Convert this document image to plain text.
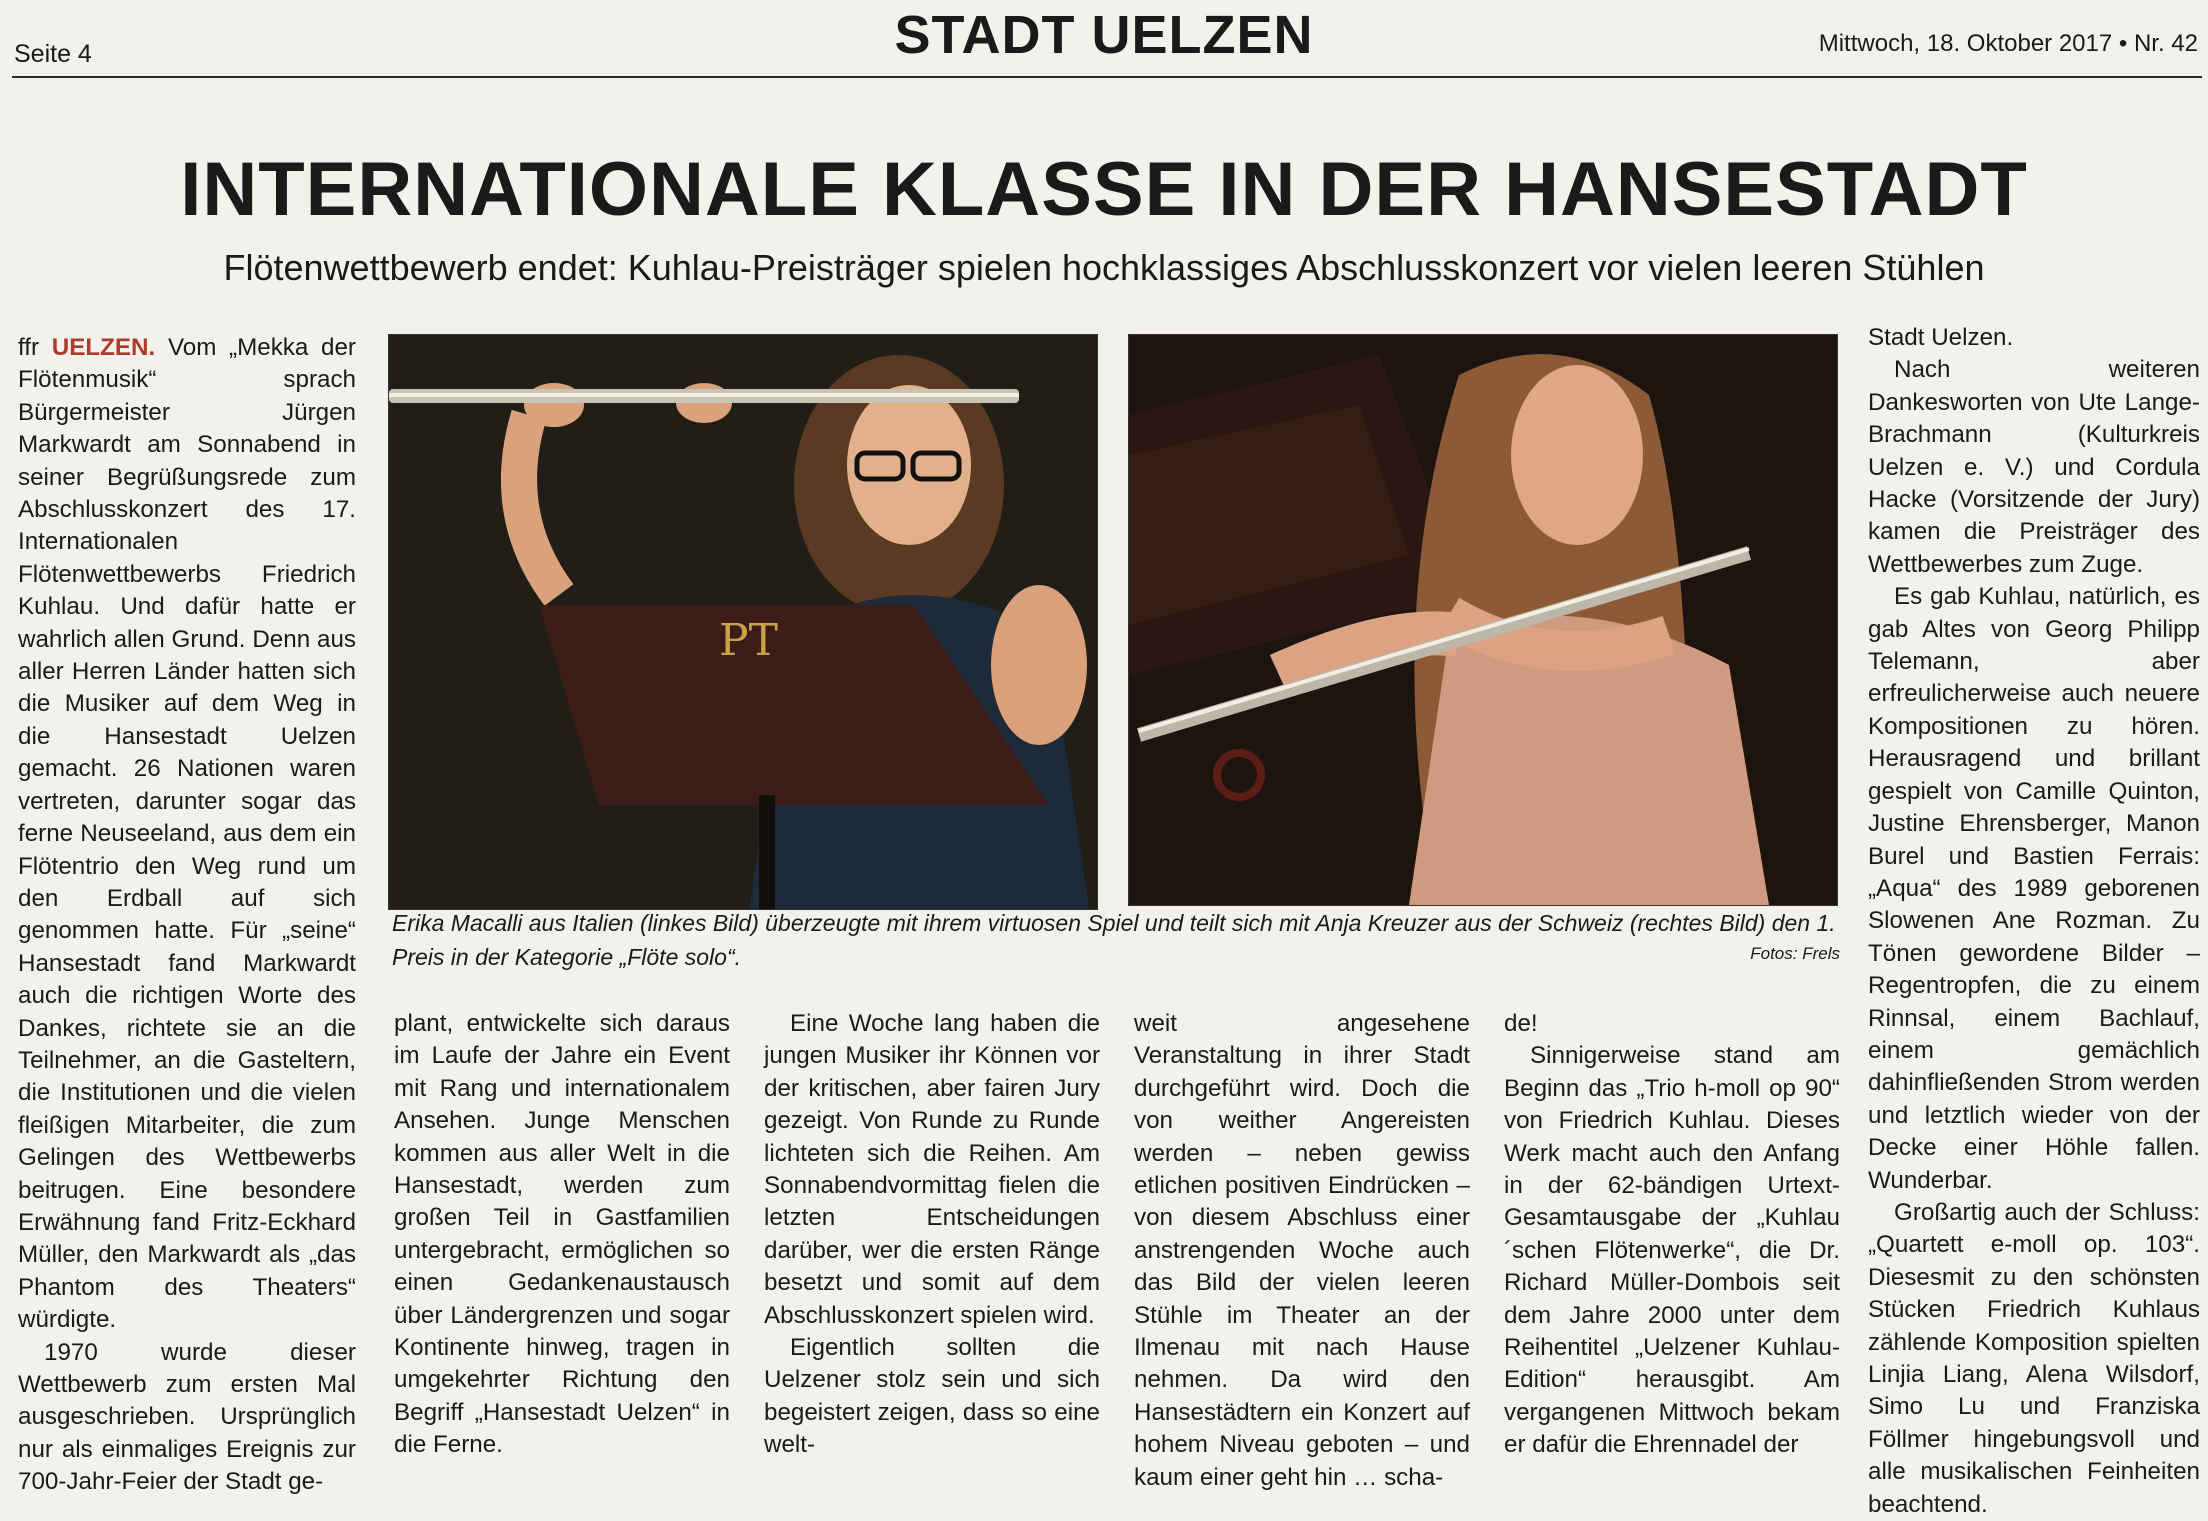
Seite 4	STADT UELZEN	Mittwoch, 18. Oktober 2017 • Nr. 42
INTERNATIONALE KLASSE IN DER HANSESTADT
Flötenwettbewerb endet: Kuhlau-Preisträger spielen hochklassiges Abschlusskonzert vor vielen leeren Stühlen

ffr UELZEN. Vom „Mekka der Flötenmusik“ sprach Bürgermeister Jürgen Markwardt am Sonnabend in seiner Begrüßungsrede zum Abschlusskonzert des 17. Internationalen Flötenwettbewerbs Friedrich Kuhlau. Und dafür hatte er wahrlich allen Grund. Denn aus aller Herren Länder hatten sich die Musiker auf dem Weg in die Hansestadt Uelzen gemacht. 26 Nationen waren vertreten, darunter sogar das ferne Neuseeland, aus dem ein Flötentrio den Weg rund um den Erdball auf sich genommen hatte. Für „seine“ Hansestadt fand Markwardt auch die richtigen Worte des Dankes, richtete sie an die Teilnehmer, an die Gasteltern, die Institutionen und die vielen fleißigen Mitarbeiter, die zum Gelingen des Wettbewerbs beitrugen. Eine besondere Erwähnung fand Fritz-Eckhard Müller, den Markwardt als „das Phantom des Theaters“ würdigte.

1970 wurde dieser Wettbewerb zum ersten Mal ausgeschrieben. Ursprünglich nur als einmaliges Ereignis zur 700-Jahr-Feier der Stadt ge-

PT
Erika Macalli aus Italien (linkes Bild) überzeugte mit ihrem virtuosen Spiel und teilt sich mit Anja Kreuzer aus der Schweiz (rechtes Bild) den 1. Preis in der Kategorie „Flöte solo“.	Fotos: Frels

plant, entwickelte sich daraus im Laufe der Jahre ein Event mit Rang und internationalem Ansehen. Junge Menschen kommen aus aller Welt in die Hansestadt, werden zum großen Teil in Gastfamilien untergebracht, ermöglichen so einen Gedankenaustausch über Ländergrenzen und sogar Kontinente hinweg, tragen in umgekehrter Richtung den Begriff „Hansestadt Uelzen“ in die Ferne.

Eine Woche lang haben die jungen Musiker ihr Können vor der kritischen, aber fairen Jury gezeigt. Von Runde zu Runde lichteten sich die Reihen. Am Sonnabendvormittag fielen die letzten Entscheidungen darüber, wer die ersten Ränge besetzt und somit auf dem Abschlusskonzert spielen wird.

Eigentlich sollten die Uelzener stolz sein und sich begeistert zeigen, dass so eine welt-

weit angesehene Veranstaltung in ihrer Stadt durchgeführt wird. Doch die von weither Angereisten werden – neben gewiss etlichen positiven Eindrücken – von diesem Abschluss einer anstrengenden Woche auch das Bild der vielen leeren Stühle im Theater an der Ilmenau mit nach Hause nehmen. Da wird den Hansestädtern ein Konzert auf hohem Niveau geboten – und kaum einer geht hin … scha-

de!

Sinnigerweise stand am Beginn das „Trio h-moll op 90“ von Friedrich Kuhlau. Dieses Werk macht auch den Anfang in der 62-bändigen Urtext-Gesamtausgabe der „Kuhlau´schen Flötenwerke“, die Dr. Richard Müller-Dombois seit dem Jahre 2000 unter dem Reihentitel „Uelzener Kuhlau-Edition“ herausgibt. Am vergangenen Mittwoch bekam er dafür die Ehrennadel der

Stadt Uelzen.

Nach weiteren Dankesworten von Ute Lange-Brachmann (Kulturkreis Uelzen e. V.) und Cordula Hacke (Vorsitzende der Jury) kamen die Preisträger des Wettbewerbes zum Zuge.

Es gab Kuhlau, natürlich, es gab Altes von Georg Philipp Telemann, aber erfreulicherweise auch neuere Kompositionen zu hören. Herausragend und brillant gespielt von Camille Quinton, Justine Ehrensberger, Manon Burel und Bastien Ferrais: „Aqua“ des 1989 geborenen Slowenen Ane Rozman. Zu Tönen gewordene Bilder – Regentropfen, die zu einem Rinnsal, einem Bachlauf, einem gemächlich dahinfließenden Strom werden und letztlich wieder von der Decke einer Höhle fallen. Wunderbar.

Großartig auch der Schluss: „Quartett e-moll op. 103“. Diesesmit zu den schönsten Stücken Friedrich Kuhlaus zählende Komposition spielten Linjia Liang, Alena Wilsdorf, Simo Lu und Franziska Föllmer hingebungsvoll und alle musikalischen Feinheiten beachtend.
